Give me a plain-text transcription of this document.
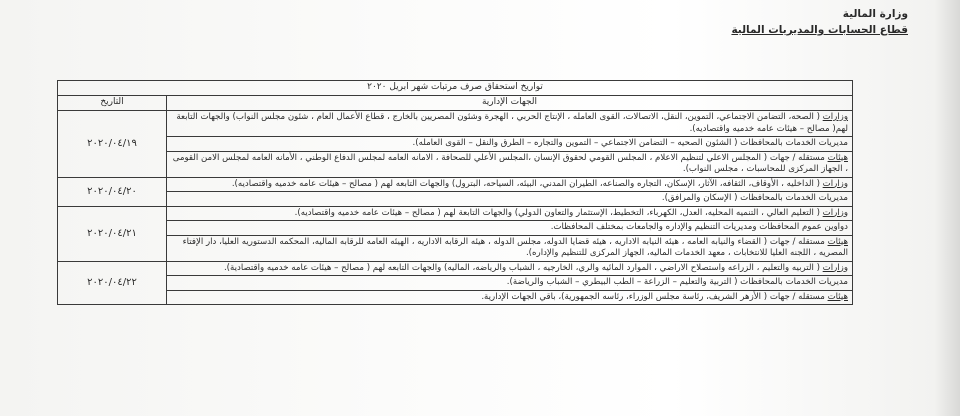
وزارة المالية
قطاع الحسابات والمديريات المالية
تواريخ استحقاق صرف مرتبات شهر ابريل ٢٠٢٠	
الجهات الإدارية	التاريخ
وزارات ( الصحه، التضامن الاجتماعي، التموين، النقل، الاتصالات، القوى العامله ، الإنتاج الحربي ، الهجرة وشئون المصريين بالخارج ، قطاع الأعمال العام ، شئون مجلس النواب) والجهات التابعة لهم( مصالح – هيئات عامه خدميه واقتصاديه).	٢٠٢٠/٠٤/١٩
مديريات الخدمات بالمحافظات ( الشئون الصحيه – التضامن الاجتماعي – التموين والتجاره – الطرق والنقل – القوى العامله).	
هيئات مستقله / جهات ( المجلس الاعلي لتنظيم الاعلام ، المجلس القومي لحقوق الإنسان ،المجلس الأعلي للصحافة ، الامانه العامه لمجلس الدفاع الوطني ، الأمانه العامه لمجلس الامن القومى ، الجهاز المركزى للمحاسبات ، مجلس النواب).	
وزارات ( الداخليه ، الأوقاف، الثقافه، الآثار، الإسكان، التجاره والصناعه، الطيران المدني، البيئه، السياحه، البترول) والجهات التابعه لهم ( مصالح – هيئات عامه خدميه واقتصاديه).	٢٠٢٠/٠٤/٢٠
مديريات الخدمات بالمحافظات ( الإسكان والمرافق).	
وزارات ( التعليم العالي ، التنميه المحليه، العدل، الكهرباء، التخطيط، الإستثمار والتعاون الدولي) والجهات التابعة لهم ( مصالح – هيئات عامه خدميه واقتصاديه).	٢٠٢٠/٠٤/٢١
دواوين عموم المحافظات ومديريات التنظيم والإداره والجامعات بمختلف المحافظات.	
هيئات مستقله / جهات ( القضاء والنيابه العامه ، هيئه النيابه الاداريه ، هيئه قضايا الدوله، مجلس الدوله ، هيئه الرقابه الاداريه ، الهيئه العامه للرقابه الماليه، المحكمه الدستوريه العليا، دار الإفتاء المصريه ، اللجنه العليا للانتخابات ، معهد الخدمات الماليه، الجهاز المركزى للتنظيم والإداره).	
وزارات ( التربيه والتعليم ، الزراعه واستصلاح الاراضي ، الموارد المائيه والري، الخارجيه ، الشباب والرياضه، الماليه) والجهات التابعه لهم ( مصالح – هيئات عامه خدميه واقتصادية).	٢٠٢٠/٠٤/٢٢
مديريات الخدمات بالمحافظات ( التربية والتعليم – الزراعة – الطب البيطري – الشباب والرياضة).	
هيئات مستقله / جهات ( الأزهر الشريف، رئاسة مجلس الوزراء، رئاسه الجمهورية)، باقي الجهات الإدارية.	
